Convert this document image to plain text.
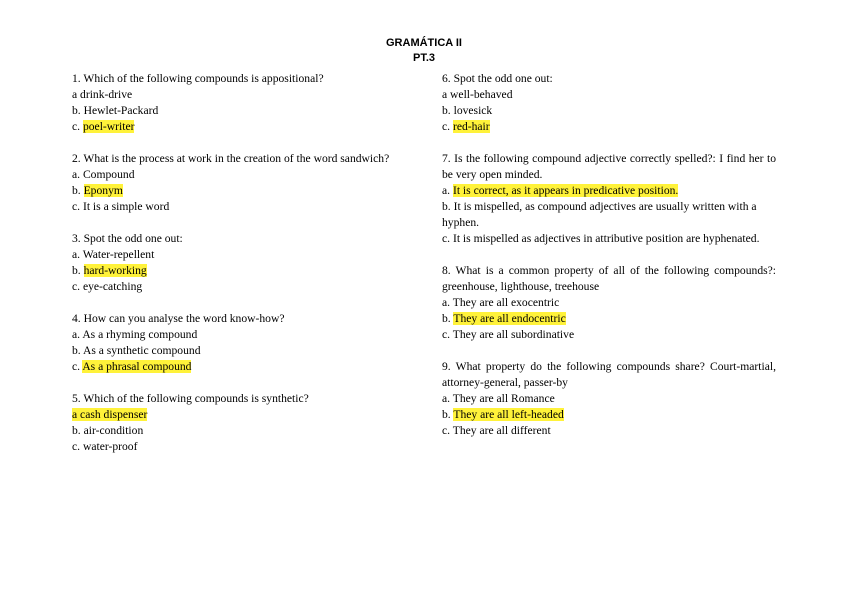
GRAMÁTICA II
PT.3
1. Which of the following compounds is appositional?
a drink-drive
b. Hewlet-Packard
c. poel-writer
2. What is the process at work in the creation of the word sandwich?
a. Compound
b. Eponym
c. It is a simple word
3. Spot the odd one out:
a. Water-repellent
b. hard-working
c. eye-catching
4. How can you analyse the word know-how?
a. As a rhyming compound
b. As a synthetic compound
c. As a phrasal compound
5. Which of the following compounds is synthetic?
a cash dispenser
b. air-condition
c. water-proof
6. Spot the odd one out:
a well-behaved
b. lovesick
c. red-hair
7. Is the following compound adjective correctly spelled?: I find her to be very open minded.
a. It is correct, as it appears in predicative position.
b. It is mispelled, as compound adjectives are usually written with a hyphen.
c. It is mispelled as adjectives in attributive position are hyphenated.
8. What is a common property of all of the following compounds?: greenhouse, lighthouse, treehouse
a. They are all exocentric
b. They are all endocentric
c. They are all subordinative
9. What property do the following compounds share? Court-martial, attorney-general, passer-by
a. They are all Romance
b. They are all left-headed
c. They are all different
